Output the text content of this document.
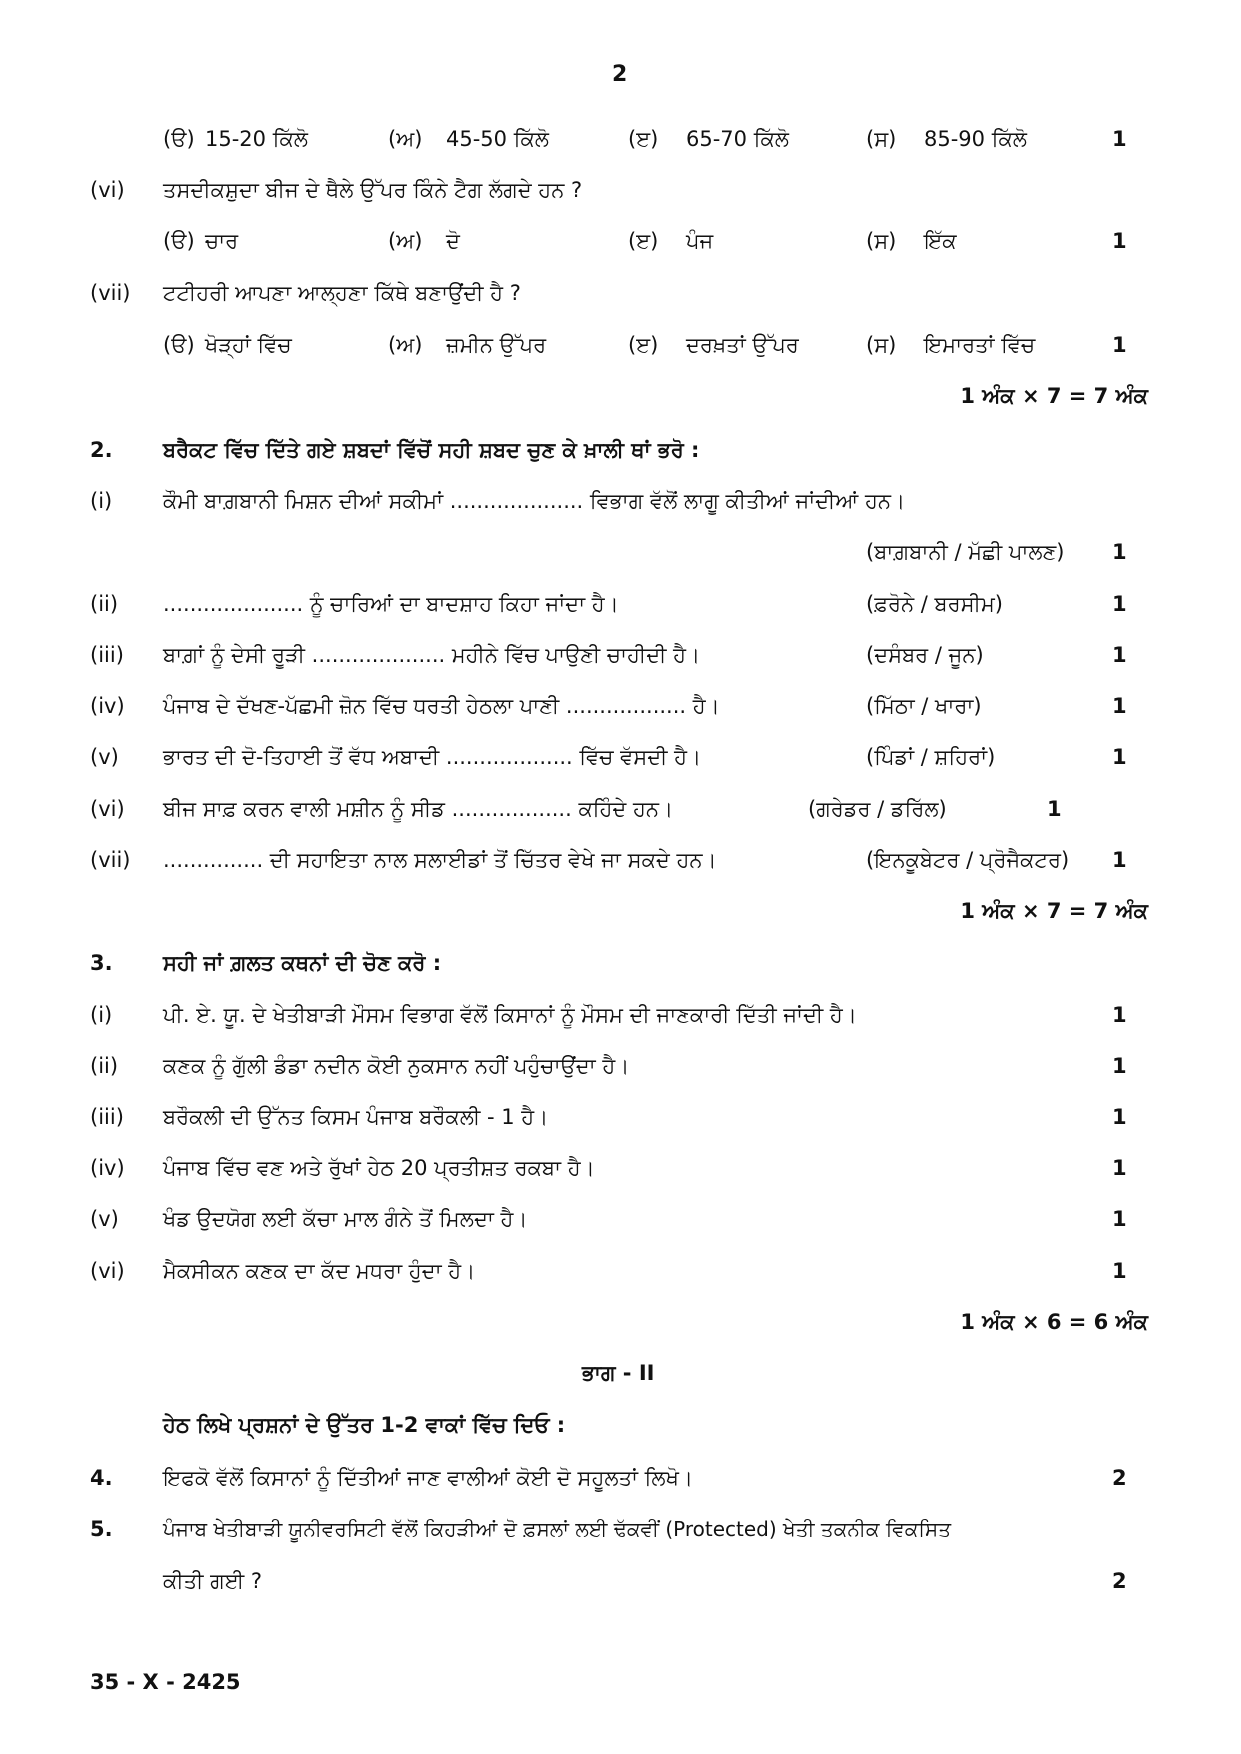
2
(ੳ) 15-20 ਕਿੱਲੋ	(ਅ) 45-50 ਕਿੱਲੋ	(ੲ) 65-70 ਕਿੱਲੋ	(ਸ) 85-90 ਕਿੱਲੋ	1
(vi) ਤਸਦੀਕਸ਼ੁਦਾ ਬੀਜ ਦੇ ਥੈਲੇ ਉੱਪਰ ਕਿੰਨੇ ਟੈਗ ਲੱਗਦੇ ਹਨ ?
(ੳ) ਚਾਰ	(ਅ) ਦੋ	(ੲ) ਪੰਜ	(ਸ) ਇੱਕ	1
(vii) ਟਟੀਹਰੀ ਆਪਣਾ ਆਲ੍ਹਣਾ ਕਿੱਥੇ ਬਣਾਉਂਦੀ ਹੈ ?
(ੳ) ਖੋੜ੍ਹਾਂ ਵਿੱਚ	(ਅ) ਜ਼ਮੀਨ ਉੱਪਰ	(ੲ) ਦਰਖ਼ਤਾਂ ਉੱਪਰ	(ਸ) ਇਮਾਰਤਾਂ ਵਿੱਚ	1
1 ਅੰਕ × 7 = 7 ਅੰਕ
2. ਬਰੈਕਟ ਵਿੱਚ ਦਿੱਤੇ ਗਏ ਸ਼ਬਦਾਂ ਵਿੱਚੋਂ ਸਹੀ ਸ਼ਬਦ ਚੁਣ ਕੇ ਖ਼ਾਲੀ ਥਾਂ ਭਰੋ :
(i) ਕੌਮੀ ਬਾਗ਼ਬਾਨੀ ਮਿਸ਼ਨ ਦੀਆਂ ਸਕੀਮਾਂ .................... ਵਿਭਾਗ ਵੱਲੋਂ ਲਾਗੂ ਕੀਤੀਆਂ ਜਾਂਦੀਆਂ ਹਨ।
(ਬਾਗ਼ਬਾਨੀ / ਮੱਛੀ ਪਾਲਣ) 1
(ii) ..................... ਨੂੰ ਚਾਰਿਆਂ ਦਾ ਬਾਦਸ਼ਾਹ ਕਿਹਾ ਜਾਂਦਾ ਹੈ।	(ਫ਼ਰੋਨੇ / ਬਰਸੀਮ)	1
(iii) ਬਾਗ਼ਾਂ ਨੂੰ ਦੇਸੀ ਰੂੜੀ .................... ਮਹੀਨੇ ਵਿੱਚ ਪਾਉਣੀ ਚਾਹੀਦੀ ਹੈ।	(ਦਸੰਬਰ / ਜੂਨ)	1
(iv) ਪੰਜਾਬ ਦੇ ਦੱਖਣ-ਪੱਛਮੀ ਜ਼ੋਨ ਵਿੱਚ ਧਰਤੀ ਹੇਠਲਾ ਪਾਣੀ .................. ਹੈ।	(ਮਿੱਠਾ / ਖਾਰਾ)	1
(v) ਭਾਰਤ ਦੀ ਦੋ-ਤਿਹਾਈ ਤੋਂ ਵੱਧ ਅਬਾਦੀ ................... ਵਿੱਚ ਵੱਸਦੀ ਹੈ।	(ਪਿੰਡਾਂ / ਸ਼ਹਿਰਾਂ)	1
(vi) ਬੀਜ ਸਾਫ਼ ਕਰਨ ਵਾਲੀ ਮਸ਼ੀਨ ਨੂੰ ਸੀਡ .................. ਕਹਿੰਦੇ ਹਨ।	(ਗਰੇਡਰ / ਡਰਿੱਲ)	1
(vii) ............... ਦੀ ਸਹਾਇਤਾ ਨਾਲ ਸਲਾਈਡਾਂ ਤੋਂ ਚਿੱਤਰ ਵੇਖੇ ਜਾ ਸਕਦੇ ਹਨ।	(ਇਨਕੂਬੇਟਰ / ਪ੍ਰੋਜੈਕਟਰ) 1
1 ਅੰਕ × 7 = 7 ਅੰਕ
3. ਸਹੀ ਜਾਂ ਗ਼ਲਤ ਕਥਨਾਂ ਦੀ ਚੋਣ ਕਰੋ :
(i) ਪੀ. ਏ. ਯੂ. ਦੇ ਖੇਤੀਬਾੜੀ ਮੌਸਮ ਵਿਭਾਗ ਵੱਲੋਂ ਕਿਸਾਨਾਂ ਨੂੰ ਮੌਸਮ ਦੀ ਜਾਣਕਾਰੀ ਦਿੱਤੀ ਜਾਂਦੀ ਹੈ।	1
(ii) ਕਣਕ ਨੂੰ ਗੁੱਲੀ ਡੰਡਾ ਨਦੀਨ ਕੋਈ ਨੁਕਸਾਨ ਨਹੀਂ ਪਹੁੰਚਾਉਂਦਾ ਹੈ।	1
(iii) ਬਰੌਕਲੀ ਦੀ ਉੱਨਤ ਕਿਸਮ ਪੰਜਾਬ ਬਰੌਕਲੀ - 1 ਹੈ।	1
(iv) ਪੰਜਾਬ ਵਿੱਚ ਵਣ ਅਤੇ ਰੁੱਖਾਂ ਹੇਠ 20 ਪ੍ਰਤੀਸ਼ਤ ਰਕਬਾ ਹੈ।	1
(v) ਖੰਡ ਉਦਯੋਗ ਲਈ ਕੱਚਾ ਮਾਲ ਗੰਨੇ ਤੋਂ ਮਿਲਦਾ ਹੈ।	1
(vi) ਮੈਕਸੀਕਨ ਕਣਕ ਦਾ ਕੱਦ ਮਧਰਾ ਹੁੰਦਾ ਹੈ।	1
1 ਅੰਕ × 6 = 6 ਅੰਕ
ਭਾਗ - II
ਹੇਠ ਲਿਖੇ ਪ੍ਰਸ਼ਨਾਂ ਦੇ ਉੱਤਰ 1-2 ਵਾਕਾਂ ਵਿੱਚ ਦਿਓ :
4. ਇਫਕੋ ਵੱਲੋਂ ਕਿਸਾਨਾਂ ਨੂੰ ਦਿੱਤੀਆਂ ਜਾਣ ਵਾਲੀਆਂ ਕੋਈ ਦੋ ਸਹੂਲਤਾਂ ਲਿਖੋ।	2
5.	ਪੰਜਾਬ ਖੇਤੀਬਾੜੀ ਯੂਨੀਵਰਸਿਟੀ ਵੱਲੋਂ ਕਿਹੜੀਆਂ ਦੋ ਫ਼ਸਲਾਂ ਲਈ ਢੱਕਵੀਂ (Protected) ਖੇਤੀ ਤਕਨੀਕ ਵਿਕਸਿਤ
ਕੀਤੀ ਗਈ ?	2
35 - X - 2425
